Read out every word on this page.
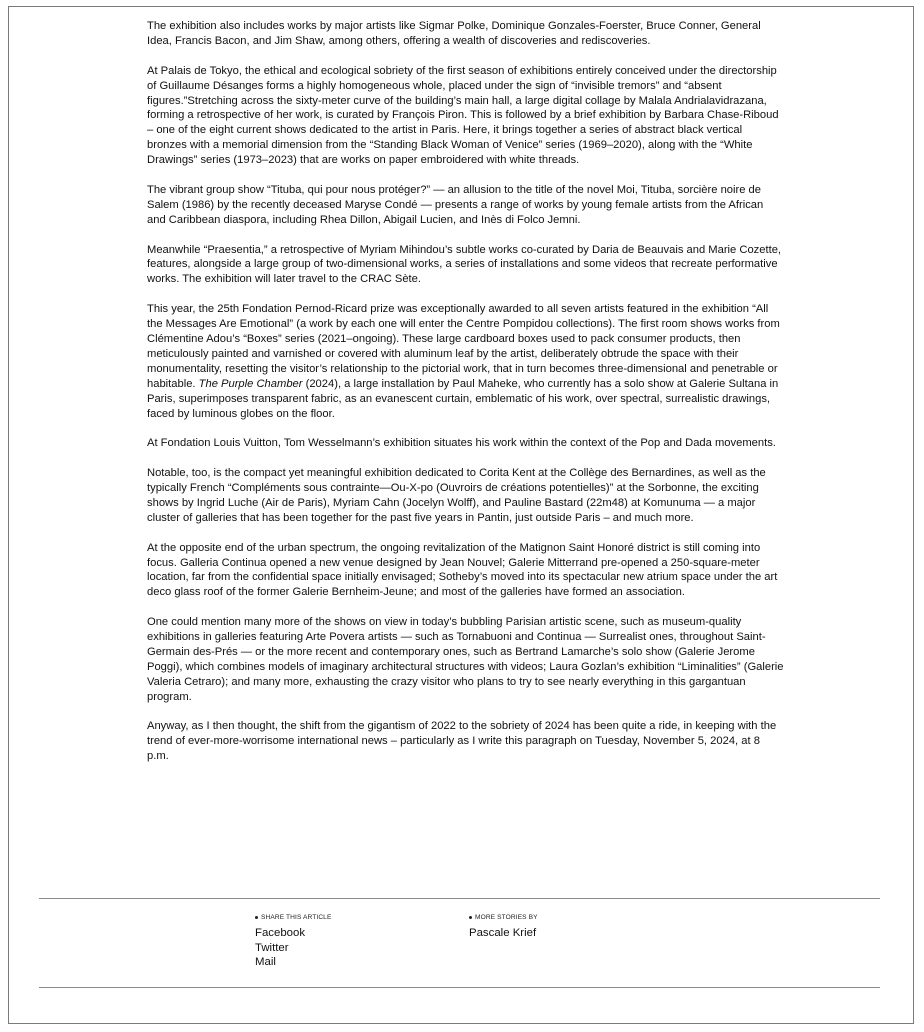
The exhibition also includes works by major artists like Sigmar Polke, Dominique Gonzales-Foerster, Bruce Conner, General Idea, Francis Bacon, and Jim Shaw, among others, offering a wealth of discoveries and rediscoveries.

At Palais de Tokyo, the ethical and ecological sobriety of the first season of exhibitions entirely conceived under the directorship of Guillaume Désanges forms a highly homogeneous whole, placed under the sign of “invisible tremors” and “absent figures.”Stretching across the sixty-meter curve of the building’s main hall, a large digital collage by Malala Andrialavidrazana, forming a retrospective of her work, is curated by François Piron. This is followed by a brief exhibition by Barbara Chase-Riboud – one of the eight current shows dedicated to the artist in Paris. Here, it brings together a series of abstract black vertical bronzes with a memorial dimension from the “Standing Black Woman of Venice” series (1969–2020), along with the “White Drawings” series (1973–2023) that are works on paper embroidered with white threads.

The vibrant group show “Tituba, qui pour nous protéger?” — an allusion to the title of the novel Moi, Tituba, sorcière noire de Salem (1986) by the recently deceased Maryse Condé — presents a range of works by young female artists from the African and Caribbean diaspora, including Rhea Dillon, Abigail Lucien, and Inès di Folco Jemni.

Meanwhile “Praesentia,” a retrospective of Myriam Mihindou’s subtle works co-curated by Daria de Beauvais and Marie Cozette, features, alongside a large group of two-dimensional works, a series of installations and some videos that recreate performative works. The exhibition will later travel to the CRAC Sète.

This year, the 25th Fondation Pernod-Ricard prize was exceptionally awarded to all seven artists featured in the exhibition “All the Messages Are Emotional” (a work by each one will enter the Centre Pompidou collections). The first room shows works from Clémentine Adou’s “Boxes” series (2021–ongoing). These large cardboard boxes used to pack consumer products, then meticulously painted and varnished or covered with aluminum leaf by the artist, deliberately obtrude the space with their monumentality, resetting the visitor’s relationship to the pictorial work, that in turn becomes three-dimensional and penetrable or habitable. The Purple Chamber (2024), a large installation by Paul Maheke, who currently has a solo show at Galerie Sultana in Paris, superimposes transparent fabric, as an evanescent curtain, emblematic of his work, over spectral, surrealistic drawings, faced by luminous globes on the floor.

At Fondation Louis Vuitton, Tom Wesselmann’s exhibition situates his work within the context of the Pop and Dada movements.

Notable, too, is the compact yet meaningful exhibition dedicated to Corita Kent at the Collège des Bernardines, as well as the typically French “Compléments sous contrainte—Ou-X-po (Ouvroirs de créations potentielles)” at the Sorbonne, the exciting shows by Ingrid Luche (Air de Paris), Myriam Cahn (Jocelyn Wolff), and Pauline Bastard (22m48) at Komunuma — a major cluster of galleries that has been together for the past five years in Pantin, just outside Paris – and much more.

At the opposite end of the urban spectrum, the ongoing revitalization of the Matignon Saint Honoré district is still coming into focus. Galleria Continua opened a new venue designed by Jean Nouvel; Galerie Mitterrand pre-opened a 250-square-meter location, far from the confidential space initially envisaged; Sotheby’s moved into its spectacular new atrium space under the art deco glass roof of the former Galerie Bernheim-Jeune; and most of the galleries have formed an association.

One could mention many more of the shows on view in today’s bubbling Parisian artistic scene, such as museum-quality exhibitions in galleries featuring Arte Povera artists — such as Tornabuoni and Continua — Surrealist ones, throughout Saint-Germain des-Prés — or the more recent and contemporary ones, such as Bertrand Lamarche’s solo show (Galerie Jerome Poggi), which combines models of imaginary architectural structures with videos; Laura Gozlan’s exhibition “Liminalities” (Galerie Valeria Cetraro); and many more, exhausting the crazy visitor who plans to try to see nearly everything in this gargantuan program.

Anyway, as I then thought, the shift from the gigantism of 2022 to the sobriety of 2024 has been quite a ride, in keeping with the trend of ever-more-worrisome international news – particularly as I write this paragraph on Tuesday, November 5, 2024, at 8 p.m.

SHARE THIS ARTICLE
Facebook
Twitter
Mail
MORE STORIES BY
Pascale Krief
